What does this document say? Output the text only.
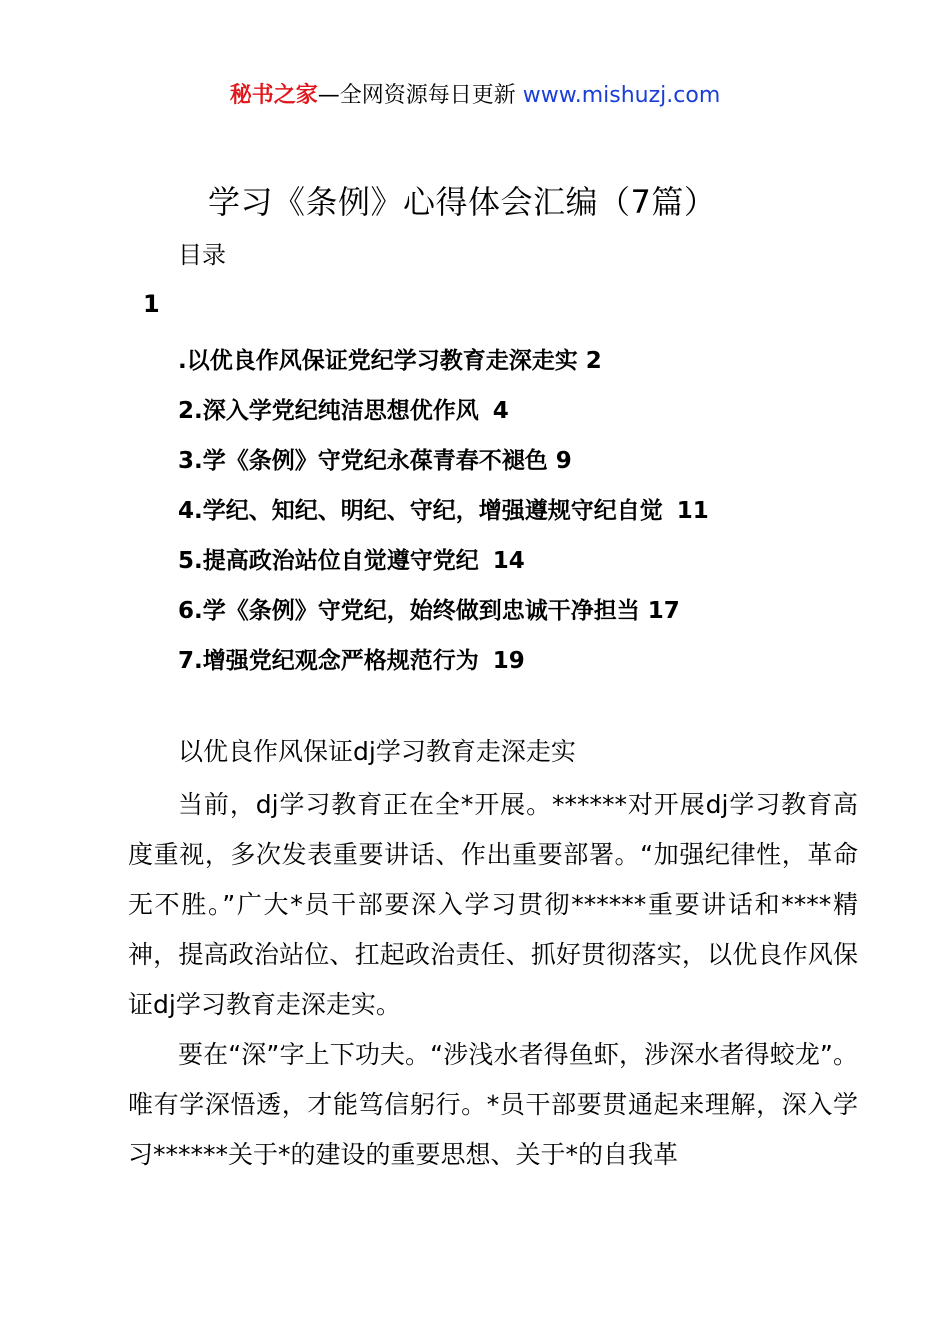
秘书之家—全网资源每日更新 www.mishuzj.com
学习《条例》心得体会汇编（7篇）
目录
1
.以优良作风保证党纪学习教育走深走实 2
2.深入学党纪纯洁思想优作风 4
3.学《条例》守党纪永葆青春不褪色 9
4.学纪、知纪、明纪、守纪，增强遵规守纪自觉 11
5.提高政治站位自觉遵守党纪 14
6.学《条例》守党纪，始终做到忠诚干净担当 17
7.增强党纪观念严格规范行为 19
以优良作风保证dj学习教育走深走实

当前，dj学习教育正在全*开展。******对开展dj学习教育高度重视，多次发表重要讲话、作出重要部署。“加强纪律性，革命无不胜。”广大*员干部要深入学习贯彻******重要讲话和****精神，提高政治站位、扛起政治责任、抓好贯彻落实，以优良作风保证dj学习教育走深走实。

要在“深”字上下功夫。“涉浅水者得鱼虾，涉深水者得蛟龙”。唯有学深悟透，才能笃信躬行。*员干部要贯通起来理解，深入学习******关于*的建设的重要思想、关于*的自我革
